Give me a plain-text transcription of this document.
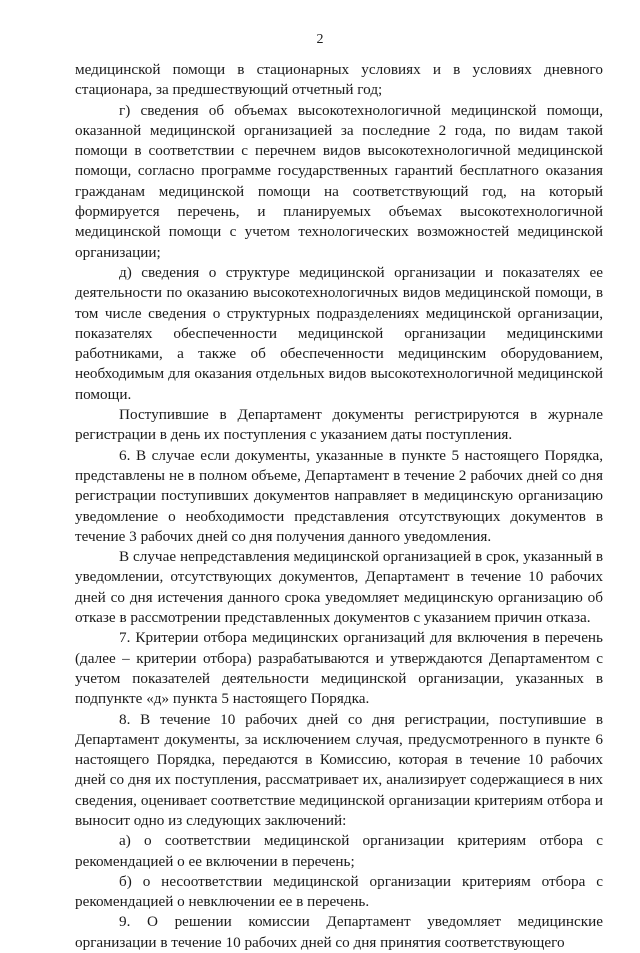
2

медицинской помощи в стационарных условиях и в условиях дневного стационара, за предшествующий отчетный год;

г) сведения об объемах высокотехнологичной медицинской помощи, оказанной медицинской организацией за последние 2 года, по видам такой помощи в соответствии с перечнем видов высокотехнологичной медицинской помощи, согласно программе государственных гарантий бесплатного оказания гражданам медицинской помощи на соответствующий год, на который формируется перечень, и планируемых объемах высокотехнологичной медицинской помощи с учетом технологических возможностей медицинской организации;

д) сведения о структуре медицинской организации и показателях ее деятельности по оказанию высокотехнологичных видов медицинской помощи, в том числе сведения о структурных подразделениях медицинской организации, показателях обеспеченности медицинской организации медицинскими работниками, а также об обеспеченности медицинским оборудованием, необходимым для оказания отдельных видов высокотехнологичной медицинской помощи.

Поступившие в Департамент документы регистрируются в журнале регистрации в день их поступления с указанием даты поступления.

6. В случае если документы, указанные в пункте 5 настоящего Порядка, представлены не в полном объеме, Департамент в течение 2 рабочих дней со дня регистрации поступивших документов направляет в медицинскую организацию уведомление о необходимости представления отсутствующих документов в течение 3 рабочих дней со дня получения данного уведомления.

В случае непредставления медицинской организацией в срок, указанный в уведомлении, отсутствующих документов, Департамент в течение 10 рабочих дней со дня истечения данного срока уведомляет медицинскую организацию об отказе в рассмотрении представленных документов с указанием причин отказа.

7. Критерии отбора медицинских организаций для включения в перечень (далее – критерии отбора) разрабатываются и утверждаются Департаментом с учетом показателей деятельности медицинской организации, указанных в подпункте «д» пункта 5 настоящего Порядка.

8. В течение 10 рабочих дней со дня регистрации, поступившие в Департамент документы, за исключением случая, предусмотренного в пункте 6 настоящего Порядка, передаются в Комиссию, которая в течение 10 рабочих дней со дня их поступления, рассматривает их, анализирует содержащиеся в них сведения, оценивает соответствие медицинской организации критериям отбора и выносит одно из следующих заключений:

а) о соответствии медицинской организации критериям отбора с рекомендацией о ее включении в перечень;

б) о несоответствии медицинской организации критериям отбора с рекомендацией о невключении ее в перечень.

9. О решении комиссии Департамент уведомляет медицинские организации в течение 10 рабочих дней со дня принятия соответствующего
